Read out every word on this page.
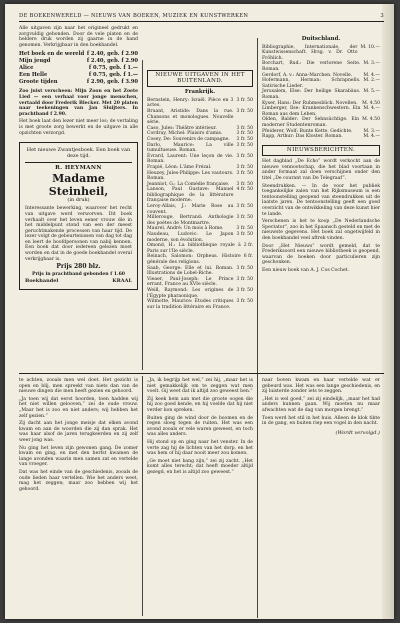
DE BOEKENWERELD — NIEUWS VAN BOEKEN, MUZIEK EN KUNSTWERKEN	3

Alle uitgaven zijn naar het origineel gedrukt en zorgvuldig gebonden. Door de vele platen en de heldere druk worden zij gaarne in de hand genomen. Verkrijgbaar in den boekhandel.

Het boek en de wereld f 2.40, geb. f 2.90
Mijn jeugd	f 2.40, geb. f 2.90
Alice	f 0.75, geb. f 1.—
Een Helle	f 0.75, geb. f 1.—
Groote tijden	f 2.90, geb. f 3.90

Zoo juist verscheen: Mijn Zoon en het Zoete Lied — een verhaal voor jonge menschen, vertaald door Frederik Blecker. Met 20 platen naar teekeningen van Jan Sluijters. In prachtband f 2.90.

Het boek laat den lezer niet meer los; de vertaling is met groote zorg bewerkt en de uitgave in alle opzichten verzorgd.

Het nieuwe Zwantjesboek. Een boek van deze tijd.
R. HEYMANN
Madame Steinheil,
(in druk)
Interessante bewerking, waarover het recht van uitgave werd verworven. Dit boek verhaalt over het leven eener vrouw die in het middelpunt stond van een der meest geruchtmakende processen van haar tijd. De lezer volgt de gebeurtenissen van dag tot dag en leert de hoofdpersonen van nabij kennen. Een boek dat door iedereen gelezen moet worden en dat in de goede boekhandel overal verkrijgbaar is.
Prijs 280 blz.
Prijs in prachtband gebonden f 1.60
Boekhandel	KRAAL
NIEUWE UITGAVEN IN HET BUITENLAND.
Frankrijk.
Bernstein, Henry: Israël. Pièce en 3 actes.
3 fr. 50
Bruant, Aristide: Dans la rue. Chansons et monologues. Nouvelle série.
3 fr. 50
Caso, Jules: Théâtre intérieur.	3 fr. 50
Cordray, Michel: Plaisirs d'amis.	3 fr. 50
Cosey, De: Souvenirs de campagne.	3 fr. 50
Darlo, Maurice: La ville tumultueuse. Roman.
3 fr. 50
Évrard, Laurent: Une leçon de vie. Roman.
3 fr. 50
Frapié, Léon: L'âme Frézal.	3 fr. 50
Heuzey, Jules-Philippe: Les vautours. Roman.
3 fr. 50
Jeanniot, G.: La Comédie française.	3 fr. 50
Lanson, Paul Gustave: Manuel bibliographique de la littérature française moderne.
4 fr. 50
Leroy-Allais, J.: Marie Rose au couvent.
3 fr. 50
Millerouge, Bertrand: Anthologie des poètes de Montmartre.
3 fr. 50
Maurel, André: Un mois à Rome.	3 fr. 50
Naudeau, Ludovic: Le Japon moderne, son évolution.
3 fr. 50
Omond, H.: La bibliothèque royale à Paris sur l'Ile siècle.
2 fr.
Reinach, Salomon: Orpheus. Histoire générale des religions.
6 fr.
Saab, George: Elle et lui. Roman. Illustrations de Lobel-Riche.
3 fr. 50
Vieaer, Paul-Joseph: Le Prince errant, France au XVIe siècle.
3 fr. 50
Weill, Raymond: Les origines de l'Égypte pharaonique.
3 fr. 50
Wilmotte, Maurice: Études critiques sur la tradition littéraire en France.
3 fr. 50
Duitschland.
Bibliographie, Internationale, der Kunstwissenschaft. Hrsg. v. Dr. Otto Fröhlich.
M. 10.—
Borchart, Rud.: Die verlorene Seite. Roman.
M. 3.—
Gerdorf, A. v.: Anna-Marchen. Novelle.	M. 4.—
Hofermann, Herman: Schrapnells. Satirische Lieder.
M. 2.—
Jerusalem, Else: Der heilige Skarabäus. Roman.
M. 5.—
Kyser, Hans: Der Ruhmesblick. Novellen. M. 4.50
Limberger, Ilse: Krankenschwestern. Ein Roman aus dem Leben.
M. 4.—
Olden, Balder: Der Sehnsüchtige. Ein moderner Studentenroman.
M. 4.50
Pfeiderer, Wolf: Bunte Kette. Gedichte.	M. 3.—
Rapp, Arthur: Das Kloster. Roman.	M. 4.—
NIEUWSBERICHTEN.

Het dagblad „De Echo” wordt verkocht aan de nieuwe vennootschap, die het blad voortaan in ander formaat zal doen verschijnen onder den titel „De courant van De Telegraaf”.

Steendrukken. — In de voor het publiek toegankelijke zalen van het Rijksmuseum is een tentoonstelling geopend van steendrukken uit de laatste jaren. De tentoonstelling geeft een goed overzicht van de ontwikkeling van deze kunst hier te lande.

Verschenen is het te koop „De Nederlandsche Spectator”, zoo in het Spaansch gesteld en met de nieuwste gegevens. Het boek zal ongetwijfeld in den boekhandel veel aftrek vinden.

Door „Het Nieuws” wordt gemeld, dat te Frederiksoord een nieuwe bibliotheek is geopend, waarvan de boeken door particulieren zijn geschonken.

Een nieuw boek van A. J. Cos Cochet.

te achten, zooals men wel doet. Het gezicht is open en blij, men spreekt van niets dan van de nieuwe dingen die men heeft gezien en gehoord.

„Ja toen wij dat eerst hoorden, toen hadden wij het niet willen gelooven,” zei de oude vrouw. „Maar het is zoo en niet anders; wij hebben het zelf gezien.”

Zij dacht aan het jonge meisje dat elken avond kwam en aan de woorden die zij dan sprak. Het was haar alsof de jaren terugkeerden en zij zelf weer jong was.

Nu ging het leven zijn gewonen gang. De zomer kwam en ging, en met den herfst kwamen de lange avonden waarin men samen zat en vertelde van vroeger.

Dat was het einde van de geschiedenis, zooals de oude lieden haar vertellen. Wie het anders weet, mag het zeggen; maar zoo hebben wij het gehoord.

„Ja, ik begrijp het wel,” zei hij, „maar het is niet gemakkelijk om te zeggen wat men voelt. Gij weet dat ik altijd zoo geweest ben.”

Zij keek hem aan met die groote oogen die hij zoo goed kende, en hij voelde dat hij niet verder kon spreken.

Buiten ging de wind door de boomen en de regen sloeg tegen de ruiten. Het was een avond zooals er vele waren geweest, en toch was alles anders.

Hij stond op en ging naar het venster. In de verte zag hij de lichten van het dorp, en het was hem of hij daar nooit meer zou komen.

„Ge moet niet bang zijn,” zei zij zacht. „Het komt alles terecht; dat heeft moeder altijd gezegd, en het is altijd zoo geweest.”

naar boven kwam en haar vertelde wat er gebeurd was. Het was een lange geschiedenis, en zij luisterde zonder iets te zeggen.

„Het is wel goed,” zei zij eindelijk, „maar het had anders kunnen gaan. Wij moeten nu maar afwachten wat de dag van morgen brengt.”

Toen werd het stil in het huis. Alleen de klok tikte in de gang, en buiten riep een vogel in den nacht.

(Wordt vervolgd.)
